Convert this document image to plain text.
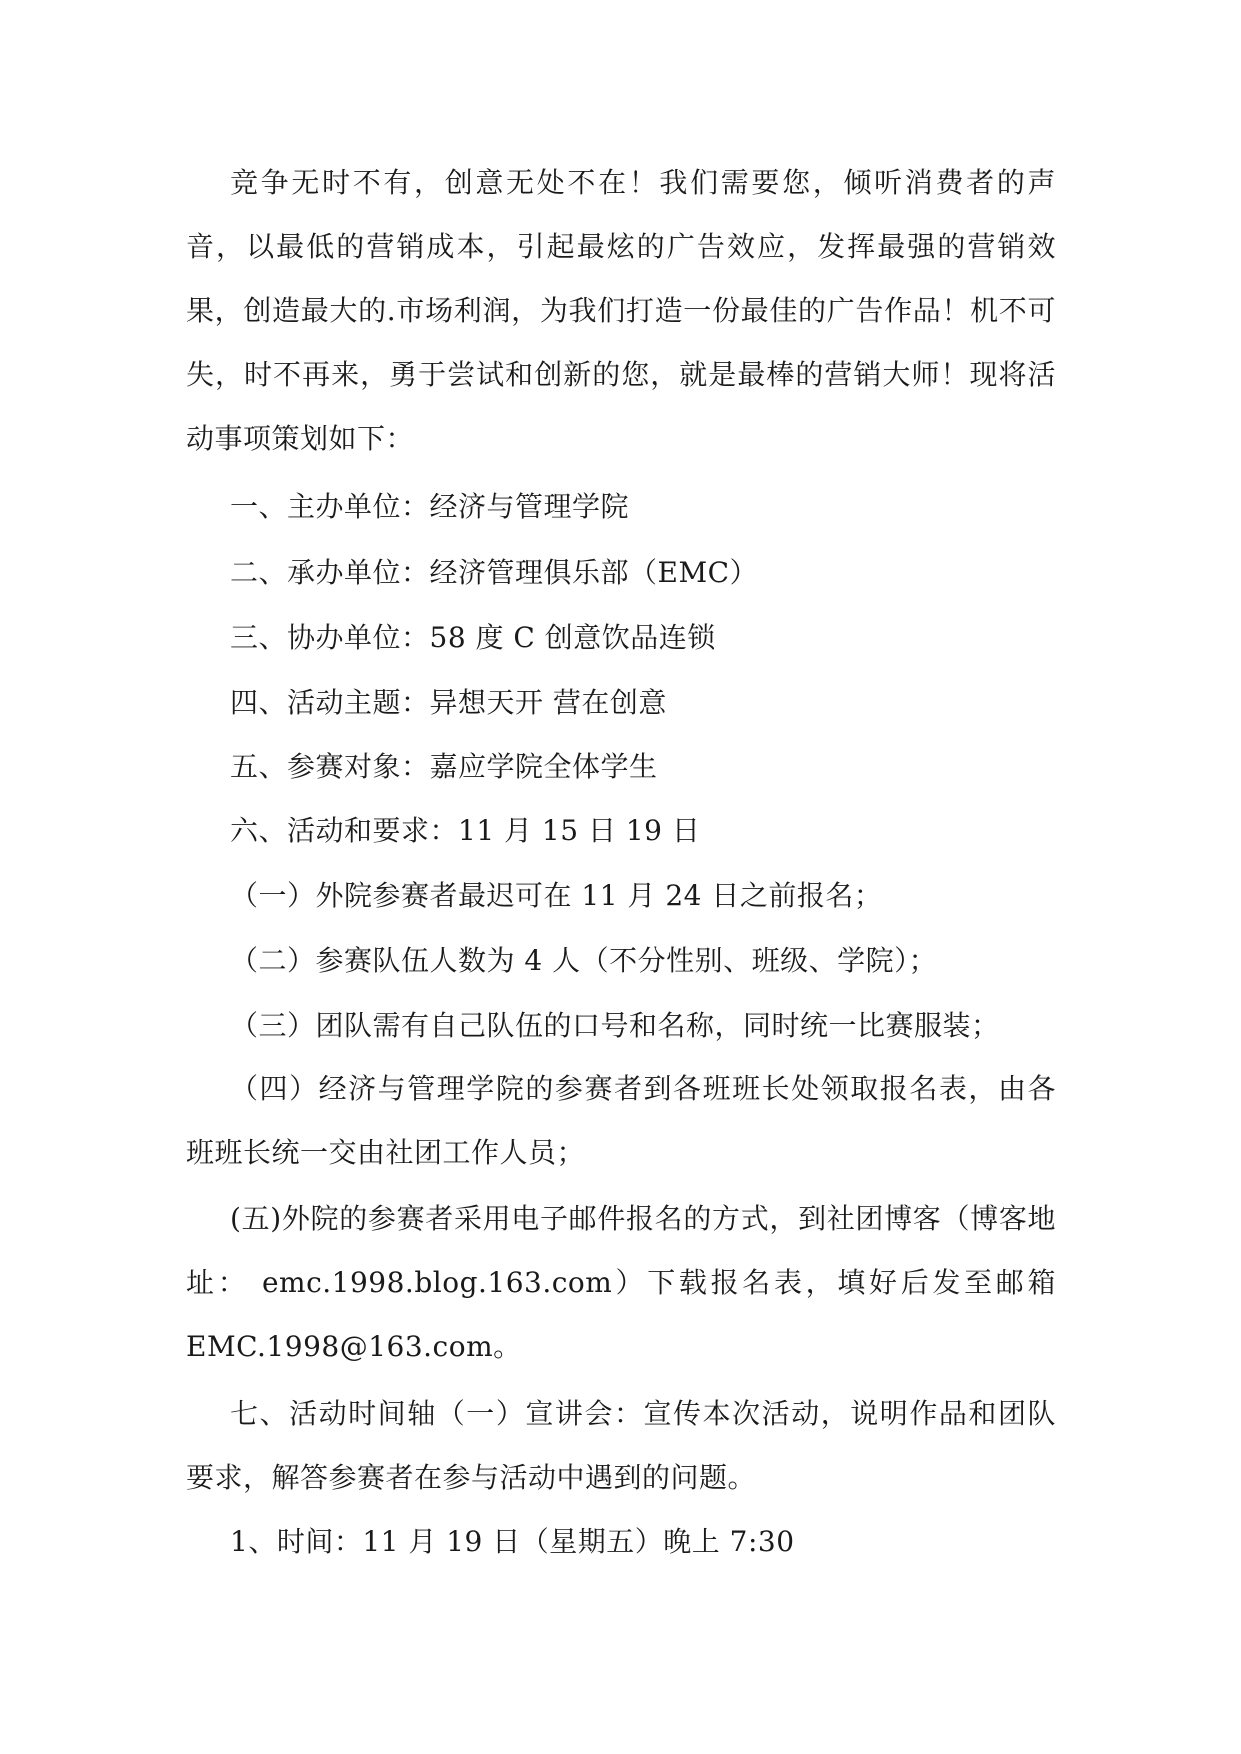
竞争无时不有，创意无处不在！我们需要您，倾听消费者的声音，以最低的营销成本，引起最炫的广告效应，发挥最强的营销效果，创造最大的.市场利润，为我们打造一份最佳的广告作品！机不可失，时不再来，勇于尝试和创新的您，就是最棒的营销大师！现将活动事项策划如下：

一、主办单位：经济与管理学院

二、承办单位：经济管理俱乐部（EMC）

三、协办单位：58 度 C 创意饮品连锁

四、活动主题：异想天开 营在创意

五、参赛对象：嘉应学院全体学生

六、活动和要求：11 月 15 日 19 日

（一）外院参赛者最迟可在 11 月 24 日之前报名；

（二）参赛队伍人数为 4 人（不分性别、班级、学院）；

（三）团队需有自己队伍的口号和名称，同时统一比赛服装；

（四）经济与管理学院的参赛者到各班班长处领取报名表，由各班班长统一交由社团工作人员；

(五)外院的参赛者采用电子邮件报名的方式，到社团博客（博客地址： emc.1998.blog.163.com）下载报名表，填好后发至邮箱EMC.1998@163.com。

七、活动时间轴（一）宣讲会：宣传本次活动，说明作品和团队要求，解答参赛者在参与活动中遇到的问题。

1、时间：11 月 19 日（星期五）晚上 7:30
